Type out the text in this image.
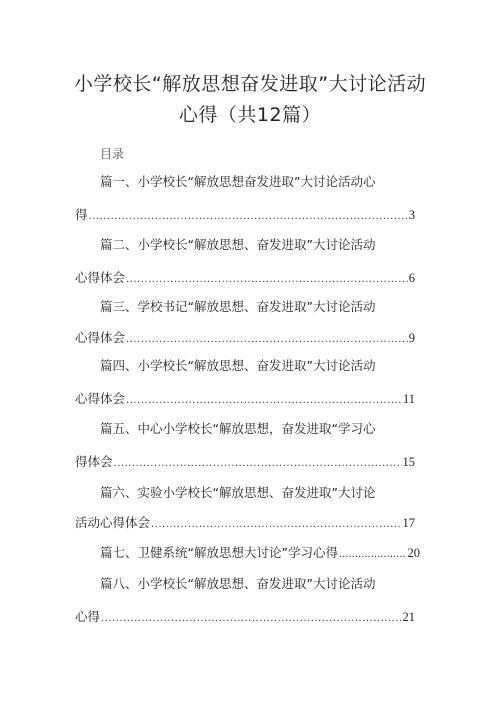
小学校长“解放思想奋发进取”大讨论活动
心得（共12篇）
目录
篇一、小学校长“解放思想奋发进取”大讨论活动心
得 .....	3
篇二、小学校长“解放思想、奋发进取”大讨论活动
心得体会 .....	6
篇三、学校书记“解放思想、奋发进取”大讨论活动
心得体会 .....	9
篇四、小学校长“解放思想、奋发进取”大讨论活动
心得体会 .....	11
篇五、中心小学校长“解放思想，奋发进取“学习心
得体会 .....	15
篇六、实验小学校长“解放思想、奋发进取”大讨论
活动心得体会 .....	17
篇七、卫健系统“解放思想大讨论”学习心得 .....	20
篇八、小学校长“解放思想、奋发进取”大讨论活动
心得 .....	21
